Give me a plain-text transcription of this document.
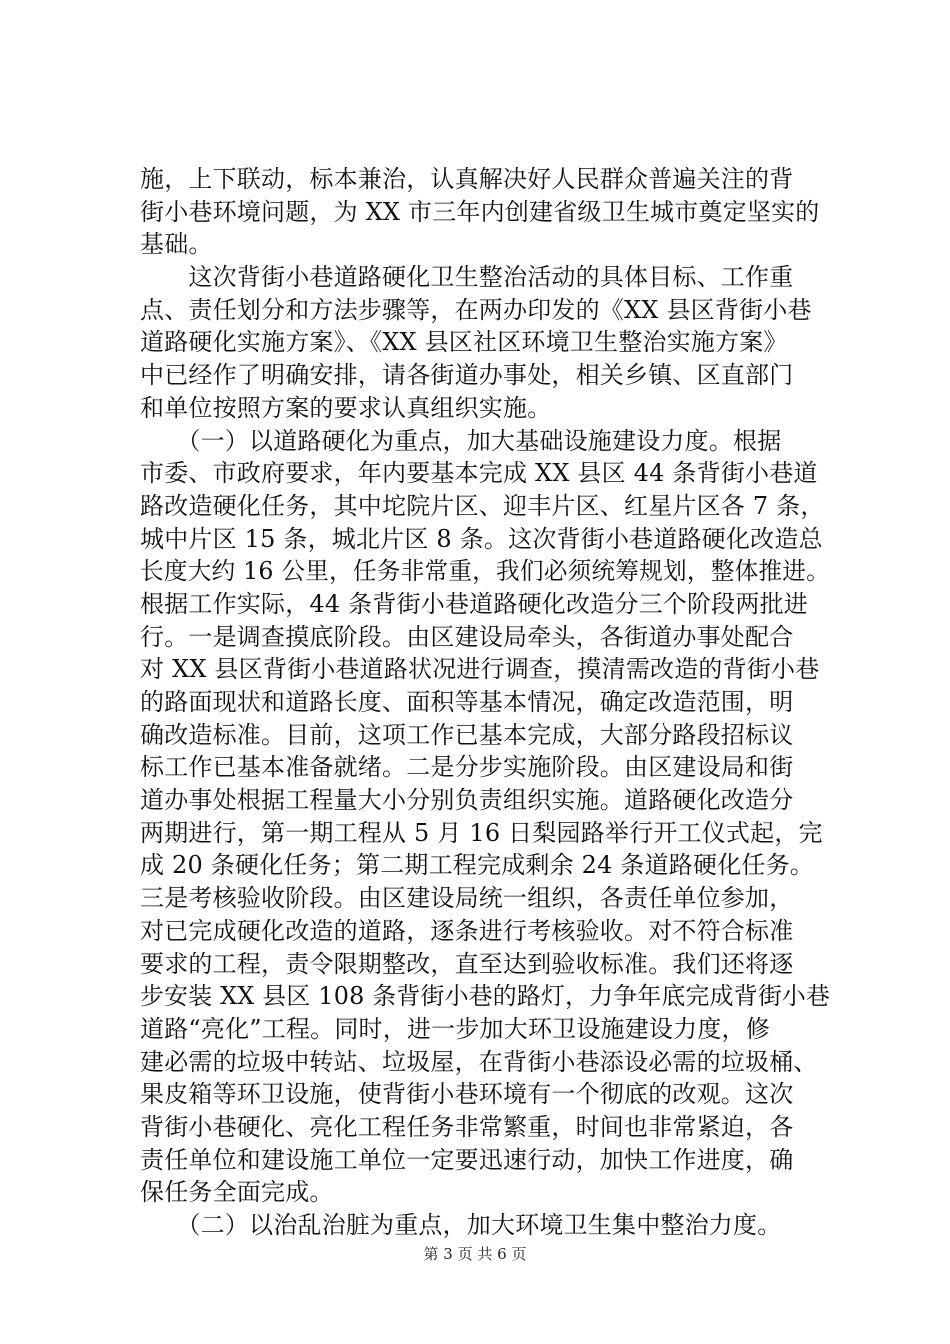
施，上下联动，标本兼治，认真解决好人民群众普遍关注的背
街小巷环境问题，为 XX 市三年内创建省级卫生城市奠定坚实的
基础。
　　这次背街小巷道路硬化卫生整治活动的具体目标、工作重
点、责任划分和方法步骤等，在两办印发的《XX 县区背街小巷
道路硬化实施方案》、《XX 县区社区环境卫生整治实施方案》
中已经作了明确安排，请各街道办事处，相关乡镇、区直部门
和单位按照方案的要求认真组织实施。
　　（一）以道路硬化为重点，加大基础设施建设力度。根据
市委、市政府要求，年内要基本完成 XX 县区 44 条背街小巷道
路改造硬化任务，其中坨院片区、迎丰片区、红星片区各 7 条，
城中片区 15 条，城北片区 8 条。这次背街小巷道路硬化改造总
长度大约 16 公里，任务非常重，我们必须统筹规划，整体推进。
根据工作实际，44 条背街小巷道路硬化改造分三个阶段两批进
行。一是调查摸底阶段。由区建设局牵头，各街道办事处配合
对 XX 县区背街小巷道路状况进行调查，摸清需改造的背街小巷
的路面现状和道路长度、面积等基本情况，确定改造范围，明
确改造标准。目前，这项工作已基本完成，大部分路段招标议
标工作已基本准备就绪。二是分步实施阶段。由区建设局和街
道办事处根据工程量大小分别负责组织实施。道路硬化改造分
两期进行，第一期工程从 5 月 16 日梨园路举行开工仪式起，完
成 20 条硬化任务；第二期工程完成剩余 24 条道路硬化任务。
三是考核验收阶段。由区建设局统一组织，各责任单位参加，
对已完成硬化改造的道路，逐条进行考核验收。对不符合标准
要求的工程，责令限期整改，直至达到验收标准。我们还将逐
步安装 XX 县区 108 条背街小巷的路灯，力争年底完成背街小巷
道路“亮化”工程。同时，进一步加大环卫设施建设力度，修
建必需的垃圾中转站、垃圾屋，在背街小巷添设必需的垃圾桶、
果皮箱等环卫设施，使背街小巷环境有一个彻底的改观。这次
背街小巷硬化、亮化工程任务非常繁重，时间也非常紧迫，各
责任单位和建设施工单位一定要迅速行动，加快工作进度，确
保任务全面完成。
　　（二）以治乱治脏为重点，加大环境卫生集中整治力度。
第 3 页 共 6 页
